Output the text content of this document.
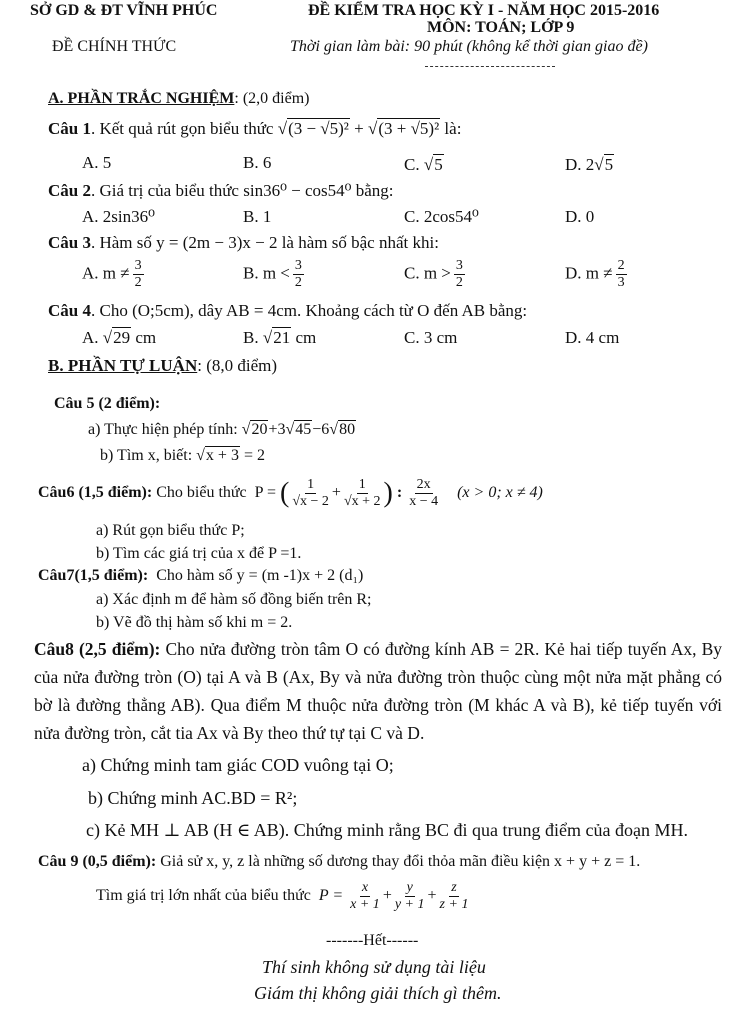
SỞ GD & ĐT VĨNH PHÚC	ĐỀ KIỂM TRA HỌC KỲ I - NĂM HỌC 2015-2016
MÔN: TOÁN; LỚP 9
ĐỀ CHÍNH THỨC	Thời gian làm bài: 90 phút (không kể thời gian giao đề)
A. PHẦN TRẮC NGHIỆM: (2,0 điểm)
Câu 1. Kết quả rút gọn biểu thức √(3 − √5)² + √(3 + √5)² là:
A. 5	B. 6	C. √5	D. 2√5
Câu 2. Giá trị của biểu thức sin36⁰ − cos54⁰ bằng:
A. 2sin36⁰	B. 1	C. 2cos54⁰	D. 0
Câu 3. Hàm số y = (2m − 3)x − 2 là hàm số bậc nhất khi:
A. $m \ne \frac{3}{2}$	B. $m < \frac{3}{2}$	C. $m > \frac{3}{2}$	D. $m \ne \frac{2}{3}$
Câu 4. Cho (O;5cm), dây AB = 4cm. Khoảng cách từ O đến AB bằng:
A. √29 cm	B. √21 cm	C. 3 cm	D. 4 cm
B. PHẦN TỰ LUẬN: (8,0 điểm)
Câu 5 (2 điểm):
a) Thực hiện phép tính: √20+3√45−6√80
b) Tìm x, biết: √x + 3 = 2
Câu6 (1,5 điểm): Cho biểu thức P = ( $\frac{1}{√x - 2} + \frac{1}{√x + 2}$ ) : $\frac{2x}{x - 4} (x > 0$; x ≠ 4)
a) Rút gọn biểu thức P;
b) Tìm các giá trị của x để P =1.
Câu7(1,5 điểm): Cho hàm số y = (m -1)x + 2 (d₁)
a) Xác định m để hàm số đồng biến trên R;
b) Vẽ đồ thị hàm số khi m = 2.
Câu8 (2,5 điểm): Cho nửa đường tròn tâm O có đường kính AB = 2R. Kẻ hai tiếp tuyến Ax, By của nửa đường tròn (O) tại A và B (Ax, By và nửa đường tròn thuộc cùng một nửa mặt phẳng có bờ là đường thẳng AB). Qua điểm M thuộc nửa đường tròn (M khác A và B), kẻ tiếp tuyến với nửa đường tròn, cắt tia Ax và By theo thứ tự tại C và D.
a) Chứng minh tam giác COD vuông tại O;
b) Chứng minh AC.BD = R²;
c) Kẻ MH ⊥ AB (H ∈ AB). Chứng minh rằng BC đi qua trung điểm của đoạn MH.
Câu 9 (0,5 điểm): Giả sử x, y, z là những số dương thay đổi thỏa mãn điều kiện x + y + z = 1.
Tìm giá trị lớn nhất của biểu thức $P = \frac{x}{x + 1} + \frac{y}{y + 1} + \frac{z}{z + 1}$
-------Hết------
Thí sinh không sử dụng tài liệu
Giám thị không giải thích gì thêm.
